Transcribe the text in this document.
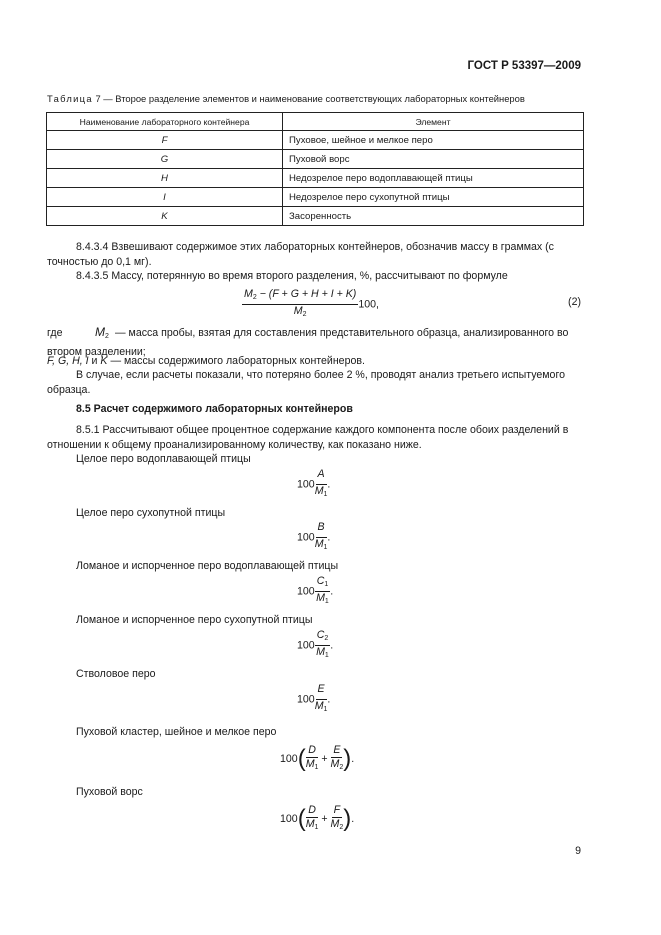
ГОСТ Р 53397—2009
Таблица 7 — Второе разделение элементов и наименование соответствующих лабораторных контейнеров
Наименование лабораторного контейнера	Элемент
F	Пуховое, шейное и мелкое перо
G	Пуховой ворс
H	Недозрелое перо водоплавающей птицы
I	Недозрелое перо сухопутной птицы
K	Засоренность
8.4.3.4 Взвешивают содержимое этих лабораторных контейнеров, обозначив массу в граммах (с точностью до 0,1 мг).
8.4.3.5 Массу, потерянную во время второго разделения, %, рассчитывают по формуле
$\frac{M_2 - (F + G + H + I + K)}{M_2} 100$,	(2)
где	$M_2$ — масса пробы, взятая для составления представительного образца, анализированного во втором разделении;
F, G, H, I и K — массы содержимого лабораторных контейнеров.
В случае, если расчеты показали, что потеряно более 2 %, проводят анализ третьего испытуемого образца.
8.5 Расчет содержимого лабораторных контейнеров
8.5.1 Рассчитывают общее процентное содержание каждого компонента после обоих разделений в отношении к общему проанализированному количеству, как показано ниже.
Целое перо водоплавающей птицы
$100 \frac{A}{M_1}$ .
Целое перо сухопутной птицы
$100 \frac{B}{M_1}$ .
Ломаное и испорченное перо водоплавающей птицы
$100 \frac{C_1}{M_1}$ .
Ломаное и испорченное перо сухопутной птицы
$100 \frac{C_2}{M_1}$ .
Стволовое перо
$100 \frac{E}{M_1}$ .
Пуховой кластер, шейное и мелкое перо
$100( \frac{D}{M_1} + \frac{E}{M_2}$ ).
Пуховой ворс
$100( \frac{D}{M_1} + \frac{F}{M_2}$ ).
9
